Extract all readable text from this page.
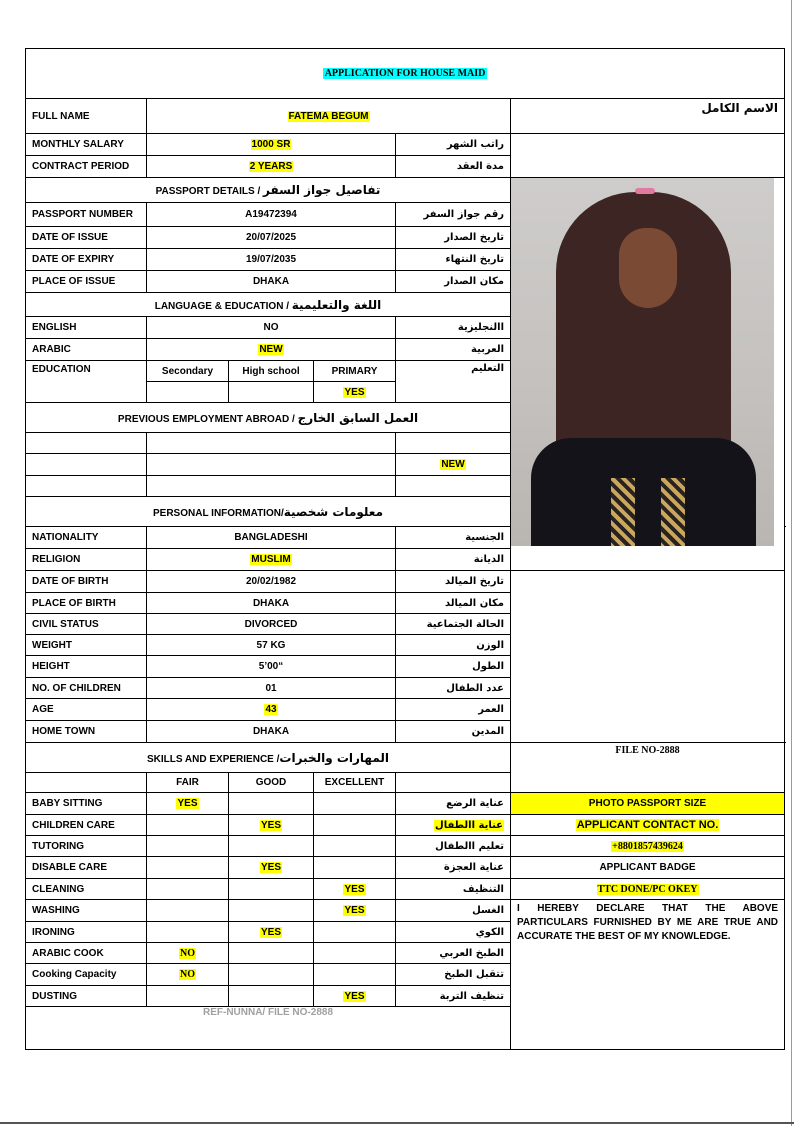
APPLICATION FOR HOUSE MAID						
FULL NAME	FATEMA BEGUM				الاسم الكامل	
MONTHLY SALARY	1000 SR			راتب الشهر		
CONTRACT PERIOD	2 YEARS			مدة العقد		
PASSPORT DETAILS / تفاصيل جواز السفر						

PASSPORT NUMBER	A19472394			رقم جواز السفر		
DATE OF ISSUE	20/07/2025			تاريخ الصدار		
DATE OF EXPIRY	19/07/2035			تاريخ النتهاء		
PLACE OF ISSUE	DHAKA			مكان الصدار		
LANGUAGE & EDUCATION / اللغة والتعليمية						
ENGLISH	NO			االنجليزية		
ARABIC	NEW			العربية		
EDUCATION	Secondary	High school	PRIMARY	التعليم		
			YES			
PREVIOUS EMPLOYMENT ABROAD / العمل السابق الخارج						

				NEW		

PERSONAL INFORMATION/معلومات شخصية						
NATIONALITY	BANGLADESHI			الجنسية		
RELIGION	MUSLIM			الديانة		
DATE OF BIRTH	20/02/1982			تاريخ الميالد		
PLACE OF BIRTH	DHAKA			مكان الميالد		
CIVIL STATUS	DIVORCED			الحالة الجتماعية		
WEIGHT	57 KG			الوزن		
HEIGHT	5’00“			الطول		
NO. OF CHILDREN	01			عدد الطفال		
AGE	43			العمر		
HOME TOWN	DHAKA			المدين		
SKILLS AND EXPERIENCE /المهارات والخبرات					FILE NO-2888	
	FAIR	GOOD	EXCELLENT			
BABY SITTING	YES			عناية الرضع	PHOTO PASSPORT SIZE	
CHILDREN CARE		YES		عناية االطفال	APPLICANT CONTACT NO.	
TUTORING				تعليم االطفال	+8801857439624	
DISABLE CARE		YES		عناية العجزة	APPLICANT BADGE	
CLEANING			YES	التنظيف	TTC DONE/PC OKEY	
WASHING			YES	الغسل	I HEREBY DECLARE THAT THE ABOVE PARTICULARS FURNISHED BY ME ARE TRUE AND ACCURATE THE BEST OF MY KNOWLEDGE.	
IRONING		YES		الكوي		
ARABIC COOK	NO			الطبخ العربي		
Cooking Capacity	NO			تتقبل الطبخ		
DUSTING			YES	تنظيف التربة		
REF-NUNNA/ FILE NO-2888						
